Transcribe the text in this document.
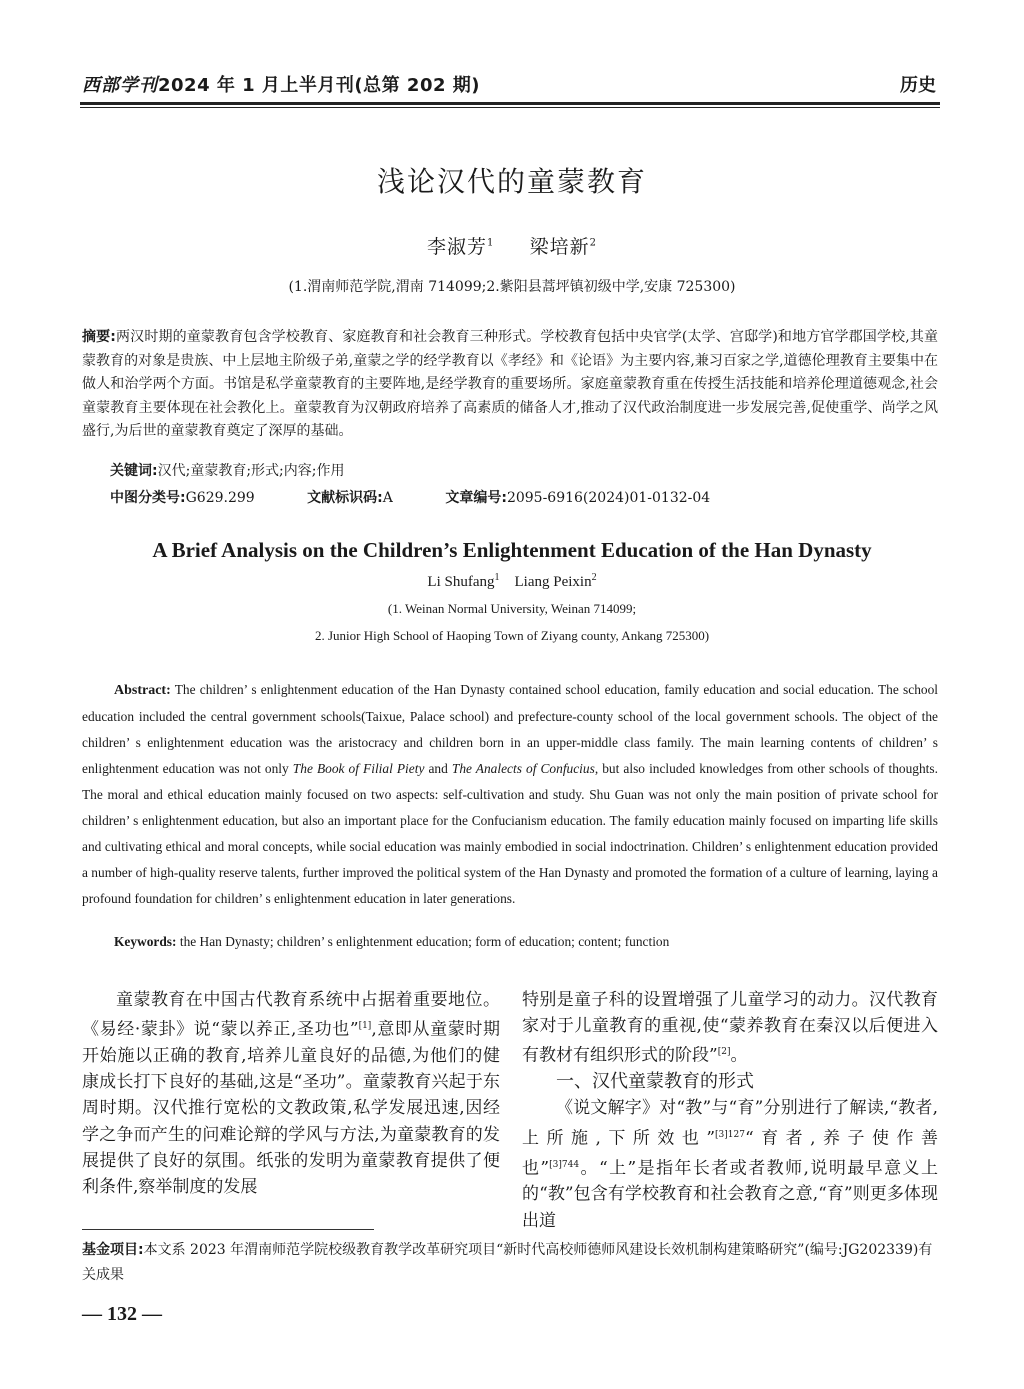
西部学刊2024 年 1 月上半月刊(总第 202 期)	历史
浅论汉代的童蒙教育
李淑芳$^1$ 梁培新$^2$
(1.渭南师范学院,渭南 714099;2.紫阳县蒿坪镇初级中学,安康 725300)
摘要:两汉时期的童蒙教育包含学校教育、家庭教育和社会教育三种形式。学校教育包括中央官学(太学、宫邸学)和地方官学郡国学校,其童蒙教育的对象是贵族、中上层地主阶级子弟,童蒙之学的经学教育以《孝经》和《论语》为主要内容,兼习百家之学,道德伦理教育主要集中在做人和治学两个方面。书馆是私学童蒙教育的主要阵地,是经学教育的重要场所。家庭童蒙教育重在传授生活技能和培养伦理道德观念,社会童蒙教育主要体现在社会教化上。童蒙教育为汉朝政府培养了高素质的储备人才,推动了汉代政治制度进一步发展完善,促使重学、尚学之风盛行,为后世的童蒙教育奠定了深厚的基础。
关键词:汉代;童蒙教育;形式;内容;作用
中图分类号:G629.299	文献标识码:A	文章编号:2095-6916(2024)01-0132-04
A Brief Analysis on the Children’s Enlightenment Education of the Han Dynasty
Li Shufang$^1$ Liang Peixin$^2$
(1. Weinan Normal University, Weinan 714099;
2. Junior High School of Haoping Town of Ziyang county, Ankang 725300)
Abstract: The children’ s enlightenment education of the Han Dynasty contained school education, family education and social education. The school education included the central government schools(Taixue, Palace school) and prefecture-county school of the local government schools. The object of the children’ s enlightenment education was the aristocracy and children born in an upper-middle class family. The main learning contents of children’ s enlightenment education was not only The Book of Filial Piety and The Analects of Confucius, but also included knowledges from other schools of thoughts. The moral and ethical education mainly focused on two aspects: self-cultivation and study. Shu Guan was not only the main position of private school for children’ s enlightenment education, but also an important place for the Confucianism education. The family education mainly focused on imparting life skills and cultivating ethical and moral concepts, while social education was mainly embodied in social indoctrination. Children’ s enlightenment education provided a number of high-quality reserve talents, further improved the political system of the Han Dynasty and promoted the formation of a culture of learning, laying a profound foundation for children’ s enlightenment education in later generations.
Keywords: the Han Dynasty; children’ s enlightenment education; form of education; content; function
童蒙教育在中国古代教育系统中占据着重要地位。《易经·蒙卦》说“蒙以养正,圣功也”[1],意即从童蒙时期开始施以正确的教育,培养儿童良好的品德,为他们的健康成长打下良好的基础,这是“圣功”。童蒙教育兴起于东周时期。汉代推行宽松的文教政策,私学发展迅速,因经学之争而产生的问难论辩的学风与方法,为童蒙教育的发展提供了良好的氛围。纸张的发明为童蒙教育提供了便利条件,察举制度的发展

特别是童子科的设置增强了儿童学习的动力。汉代教育家对于儿童教育的重视,使“蒙养教育在秦汉以后便进入有教材有组织形式的阶段”[2]。

一、汉代童蒙教育的形式

《说文解字》对“教”与“育”分别进行了解读,“教者,上所施,下所效也”$^{[3]127}$“育者,养子使作善也”$^{[3]744}$。“上”是指年长者或者教师,说明最早意义上的“教”包含有学校教育和社会教育之意,“育”则更多体现出道

基金项目:本文系 2023 年渭南师范学院校级教育教学改革研究项目“新时代高校师德师风建设长效机制构建策略研究”(编号:JG202339)有关成果
— 132 —
